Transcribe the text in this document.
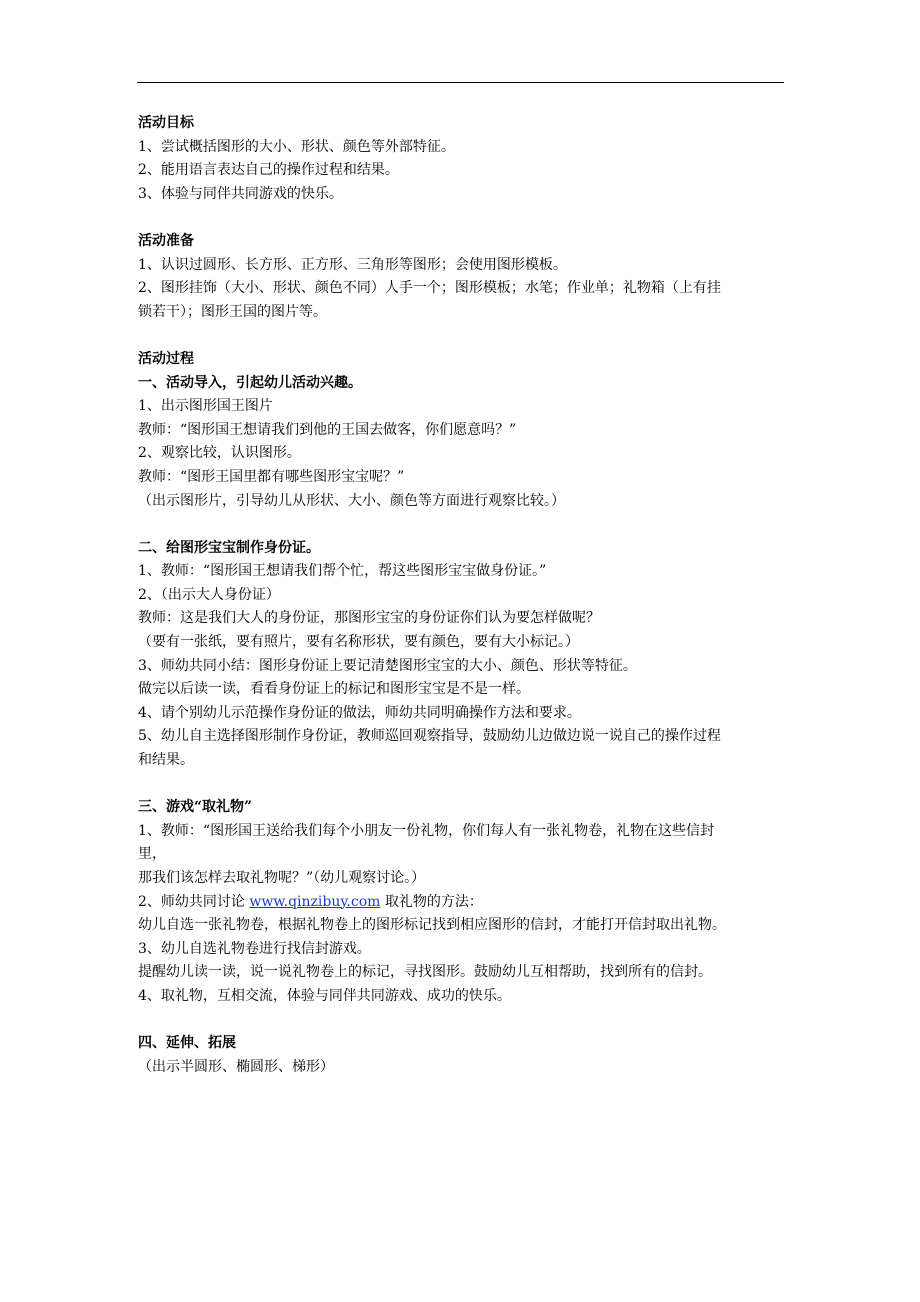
活动目标

1、尝试概括图形的大小、形状、颜色等外部特征。

2、能用语言表达自己的操作过程和结果。

3、体验与同伴共同游戏的快乐。

活动准备

1、认识过圆形、长方形、正方形、三角形等图形；会使用图形模板。

2、图形挂饰（大小、形状、颜色不同）人手一个；图形模板；水笔；作业单；礼物箱（上有挂

锁若干）；图形王国的图片等。

活动过程

一、活动导入，引起幼儿活动兴趣。

1、出示图形国王图片

教师：“图形国王想请我们到他的王国去做客，你们愿意吗？”

2、观察比较，认识图形。

教师：“图形王国里都有哪些图形宝宝呢？”

（出示图形片，引导幼儿从形状、大小、颜色等方面进行观察比较。）

二、给图形宝宝制作身份证。

1、教师：“图形国王想请我们帮个忙，帮这些图形宝宝做身份证。”

2、（出示大人身份证）

教师：这是我们大人的身份证，那图形宝宝的身份证你们认为要怎样做呢？

（要有一张纸，要有照片，要有名称形状，要有颜色，要有大小标记。）

3、师幼共同小结：图形身份证上要记清楚图形宝宝的大小、颜色、形状等特征。

做完以后读一读，看看身份证上的标记和图形宝宝是不是一样。

4、请个别幼儿示范操作身份证的做法，师幼共同明确操作方法和要求。

5、幼儿自主选择图形制作身份证，教师巡回观察指导，鼓励幼儿边做边说一说自己的操作过程

和结果。

三、游戏“取礼物”

1、教师：“图形国王送给我们每个小朋友一份礼物，你们每人有一张礼物卷，礼物在这些信封

里，

那我们该怎样去取礼物呢？”（幼儿观察讨论。）

2、师幼共同讨论 www.qinzibuy.com 取礼物的方法：

幼儿自选一张礼物卷，根据礼物卷上的图形标记找到相应图形的信封，才能打开信封取出礼物。

3、幼儿自选礼物卷进行找信封游戏。

提醒幼儿读一读，说一说礼物卷上的标记，寻找图形。鼓励幼儿互相帮助，找到所有的信封。

4、取礼物，互相交流，体验与同伴共同游戏、成功的快乐。

四、延伸、拓展

（出示半圆形、椭圆形、梯形）
